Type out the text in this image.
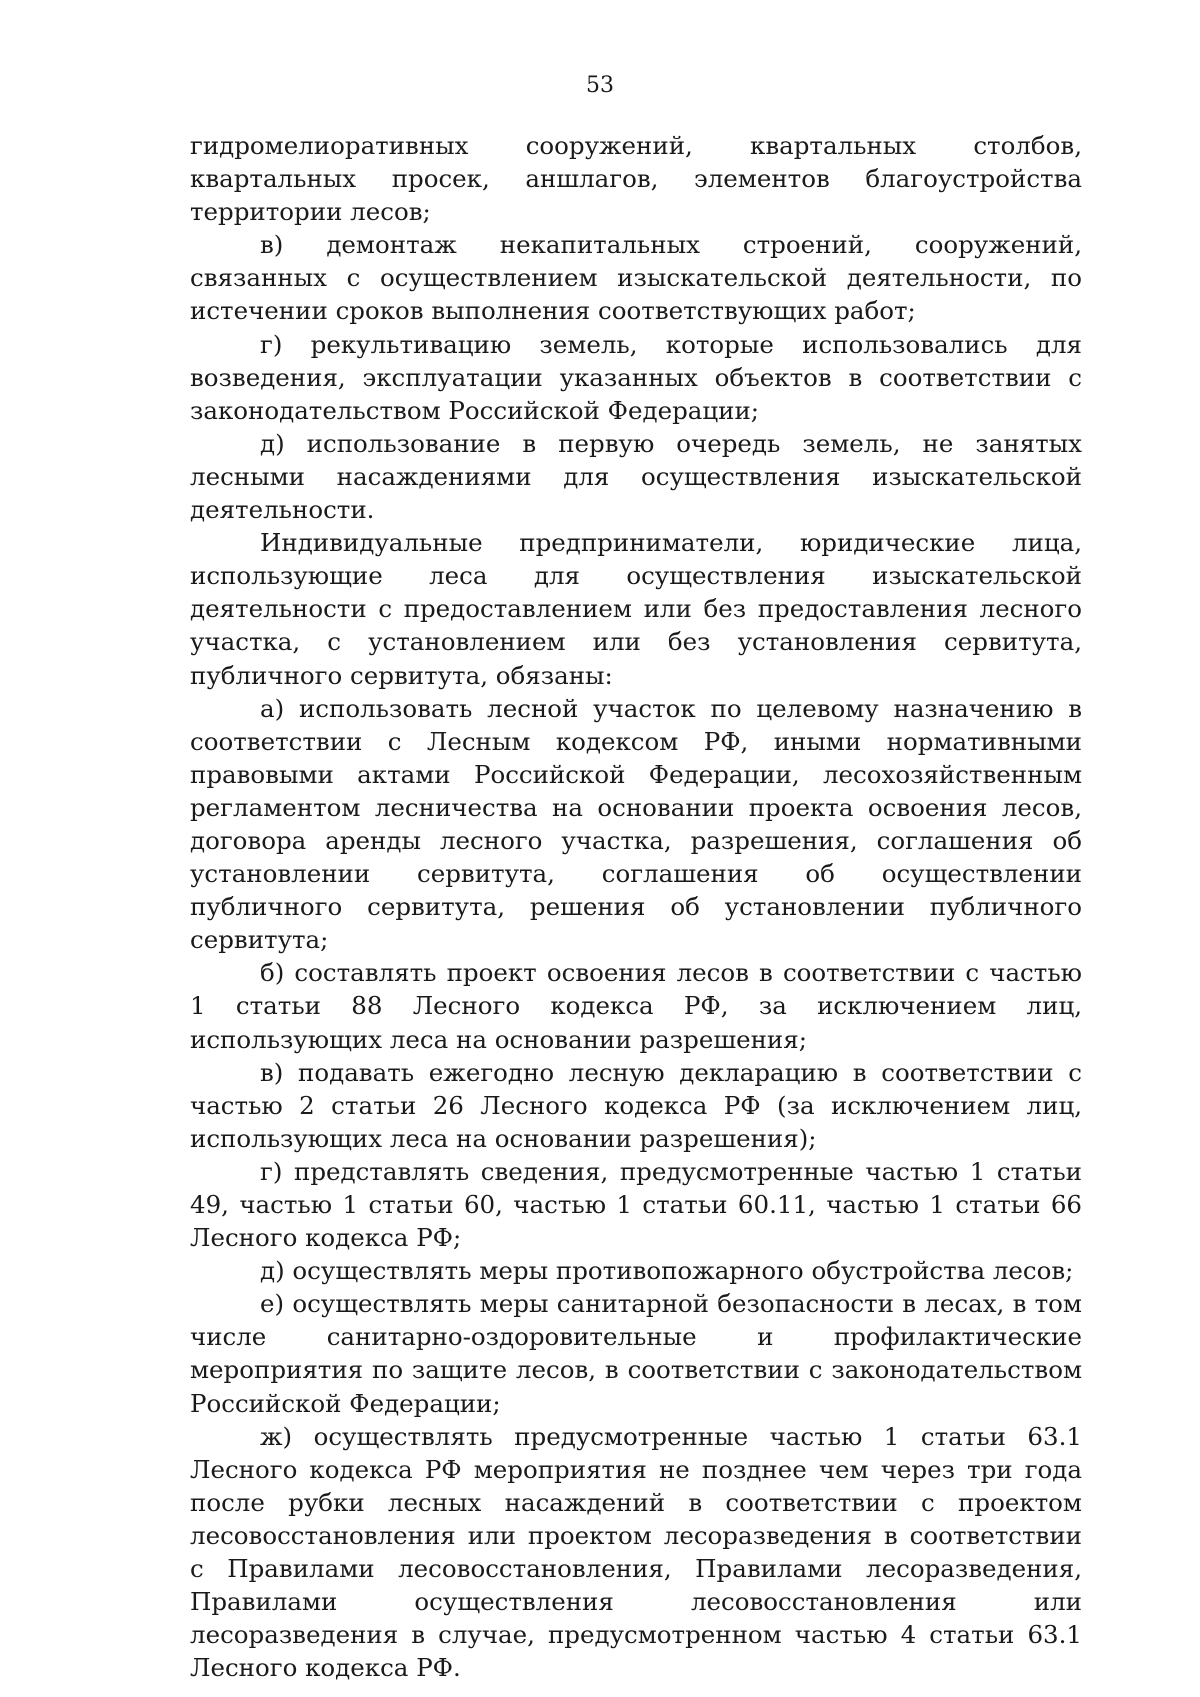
53

гидромелиоративных сооружений, квартальных столбов, квартальных просек, аншлагов, элементов благоустройства территории лесов;

в) демонтаж некапитальных строений, сооружений, связанных с осуществлением изыскательской деятельности, по истечении сроков выполнения соответствующих работ;

г) рекультивацию земель, которые использовались для возведения, эксплуатации указанных объектов в соответствии с законодательством Российской Федерации;

д) использование в первую очередь земель, не занятых лесными насаждениями для осуществления изыскательской деятельности.

Индивидуальные предприниматели, юридические лица, использующие леса для осуществления изыскательской деятельности с предоставлением или без предоставления лесного участка, с установлением или без установления сервитута, публичного сервитута, обязаны:

а) использовать лесной участок по целевому назначению в соответствии с Лесным кодексом РФ, иными нормативными правовыми актами Российской Федерации, лесохозяйственным регламентом лесничества на основании проекта освоения лесов, договора аренды лесного участка, разрешения, соглашения об установлении сервитута, соглашения об осуществлении публичного сервитута, решения об установлении публичного сервитута;

б) составлять проект освоения лесов в соответствии с частью 1 статьи 88 Лесного кодекса РФ, за исключением лиц, использующих леса на основании разрешения;

в) подавать ежегодно лесную декларацию в соответствии с частью 2 статьи 26 Лесного кодекса РФ (за исключением лиц, использующих леса на основании разрешения);

г) представлять сведения, предусмотренные частью 1 статьи 49, частью 1 статьи 60, частью 1 статьи 60.11, частью 1 статьи 66 Лесного кодекса РФ;

д) осуществлять меры противопожарного обустройства лесов;

е) осуществлять меры санитарной безопасности в лесах, в том числе санитарно-оздоровительные и профилактические мероприятия по защите лесов, в соответствии с законодательством Российской Федерации;

ж) осуществлять предусмотренные частью 1 статьи 63.1 Лесного кодекса РФ мероприятия не позднее чем через три года после рубки лесных насаждений в соответствии с проектом лесовосстановления или проектом лесоразведения в соответствии с Правилами лесовосстановления, Правилами лесоразведения, Правилами осуществления лесовосстановления или лесоразведения в случае, предусмотренном частью 4 статьи 63.1 Лесного кодекса РФ.
